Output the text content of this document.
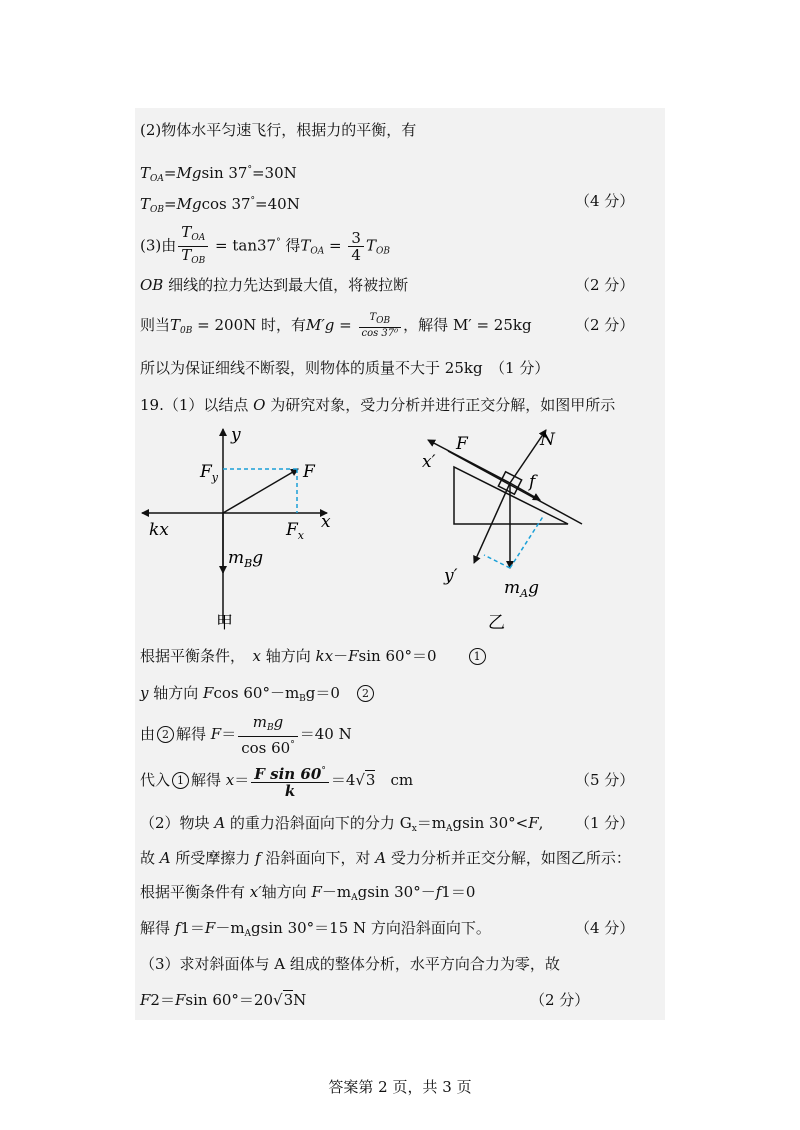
(2)物体水平匀速飞行，根据力的平衡，有
$T_{OA}=Mgsin$ 37°=30N
$T_{OB}=Mgcos$ 37°=40N	（4 分）
(3)由 $\frac{T_{OA}}{T_{OB}} = \tan 37^\circ$ 得$T_{OA} = \frac{3}{4} T_{OB}$
OB 细线的拉力先达到最大值，将被拉断	（2 分）
则当$T_{0B} = 200N$ 时，有$M'g = \frac{T_{OB}}{\text{cos 37⁰}}$ ，解得 M′ = 25kg	（2 分）
所以为保证细线不断裂，则物体的质量不大于 25kg　（1 分）
19.（1）以结点 O 为研究对象，受力分析并进行正交分解，如图甲所示
y
x
F
$F_y$
$F_x$
kx
$m_Bg$
甲
F	N
x′
f
y′
$m_Ag$
乙
根据平衡条件，　x 轴方向 kx－Fsin 60°＝0　　	1
y 轴方向 Fcos $60^\circ-m_Bg=0$　 2
由 2 解得 $F= \frac{m_Bg}{\cos 60^\circ} =40$ N
代入 1 解得 $x= \frac{F \sin 60^\circ}{k} =4√3$　cm	（5 分）
（2）物块 A 的重力沿斜面向下的分力 $G_x=m_Agsin$ 30°<F, （1 分）
故 A 所受摩擦力 f 沿斜面向下，对 A 受力分析并正交分解，如图乙所示：
根据平衡条件有 x′轴方向 $F-m_Agsin$ 30°－f1＝0
解得 $f1=F-m_Agsin$ 30°＝15 N 方向沿斜面向下。	（4 分）
（3）求对斜面体与 A 组成的整体分析，水平方向合力为零，故
F2＝Fsin 60°＝20√3N	（2 分）
答案第 2 页，共 3 页
